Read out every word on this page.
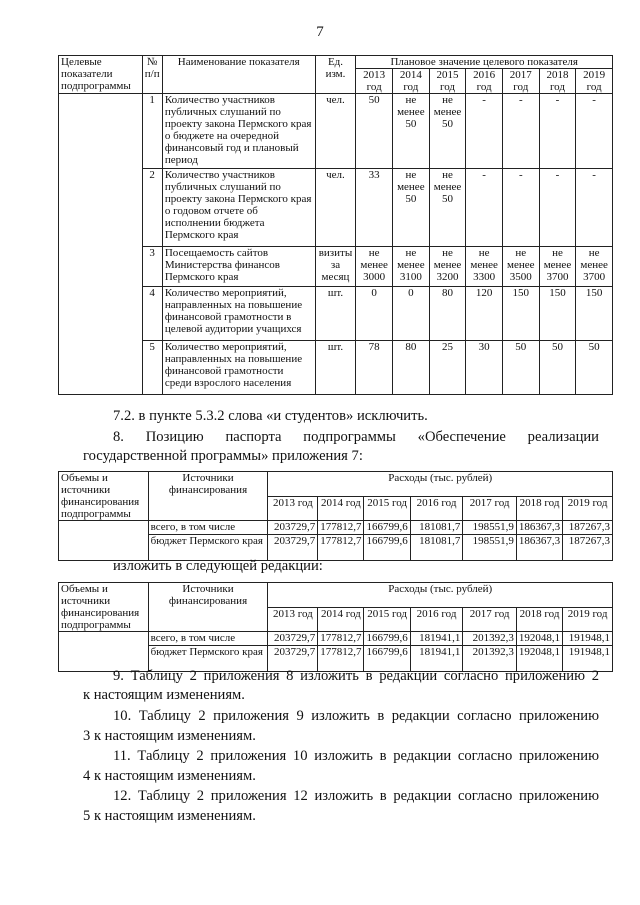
7
Целевые показатели подпрограммы	№ п/п	Наименование показателя	Ед. изм.	Плановое значение целевого показателя						
				2013 год	2014 год	2015 год	2016 год	2017 год	2018 год	2019 год
	1	Количество участников публичных слушаний по проекту закона Пермского края о бюджете на очередной финансовый год и плановый период	чел.	50	не менее 50	не менее 50	-	-	-	-
	2	Количество участников публичных слушаний по проекту закона Пермского края о годовом отчете об исполнении бюджета Пермского края	чел.	33	не менее 50	не менее 50	-	-	-	-
	3	Посещаемость сайтов Министерства финансов Пермского края	визиты за месяц	не менее 3000	не менее 3100	не менее 3200	не менее 3300	не менее 3500	не менее 3700	не менее 3700
	4	Количество мероприятий, направленных на повышение финансовой грамотности в целевой аудитории учащихся	шт.	0	0	80	120	150	150	150
	5	Количество мероприятий, направленных на повышение финансовой грамотности среди взрослого населения	шт.	78	80	25	30	50	50	50

7.2. в пункте 5.3.2 слова «и студентов» исключить.

8. Позицию паспорта подпрограммы «Обеспечение реализации

государственной программы» приложения 7:

Объемы и источники финансирования подпрограммы	Источники финансирования	Расходы (тыс. рублей)						
		2013 год	2014 год	2015 год	2016 год	2017 год	2018 год	2019 год
	всего, в том числе	203729,7	177812,7	166799,6	181081,7	198551,9	186367,3	187267,3
	бюджет Пермского края	203729,7	177812,7	166799,6	181081,7	198551,9	186367,3	187267,3

изложить в следующей редакции:

Объемы и источники финансирования подпрограммы	Источники финансирования	Расходы (тыс. рублей)						
		2013 год	2014 год	2015 год	2016 год	2017 год	2018 год	2019 год
	всего, в том числе	203729,7	177812,7	166799,6	181941,1	201392,3	192048,1	191948,1
	бюджет Пермского края	203729,7	177812,7	166799,6	181941,1	201392,3	192048,1	191948,1

9. Таблицу 2 приложения 8 изложить в редакции согласно приложению 2

к настоящим изменениям.

10. Таблицу 2 приложения 9 изложить в редакции согласно приложению

3 к настоящим изменениям.

11. Таблицу 2 приложения 10 изложить в редакции согласно приложению

4 к настоящим изменениям.

12. Таблицу 2 приложения 12 изложить в редакции согласно приложению

5 к настоящим изменениям.
